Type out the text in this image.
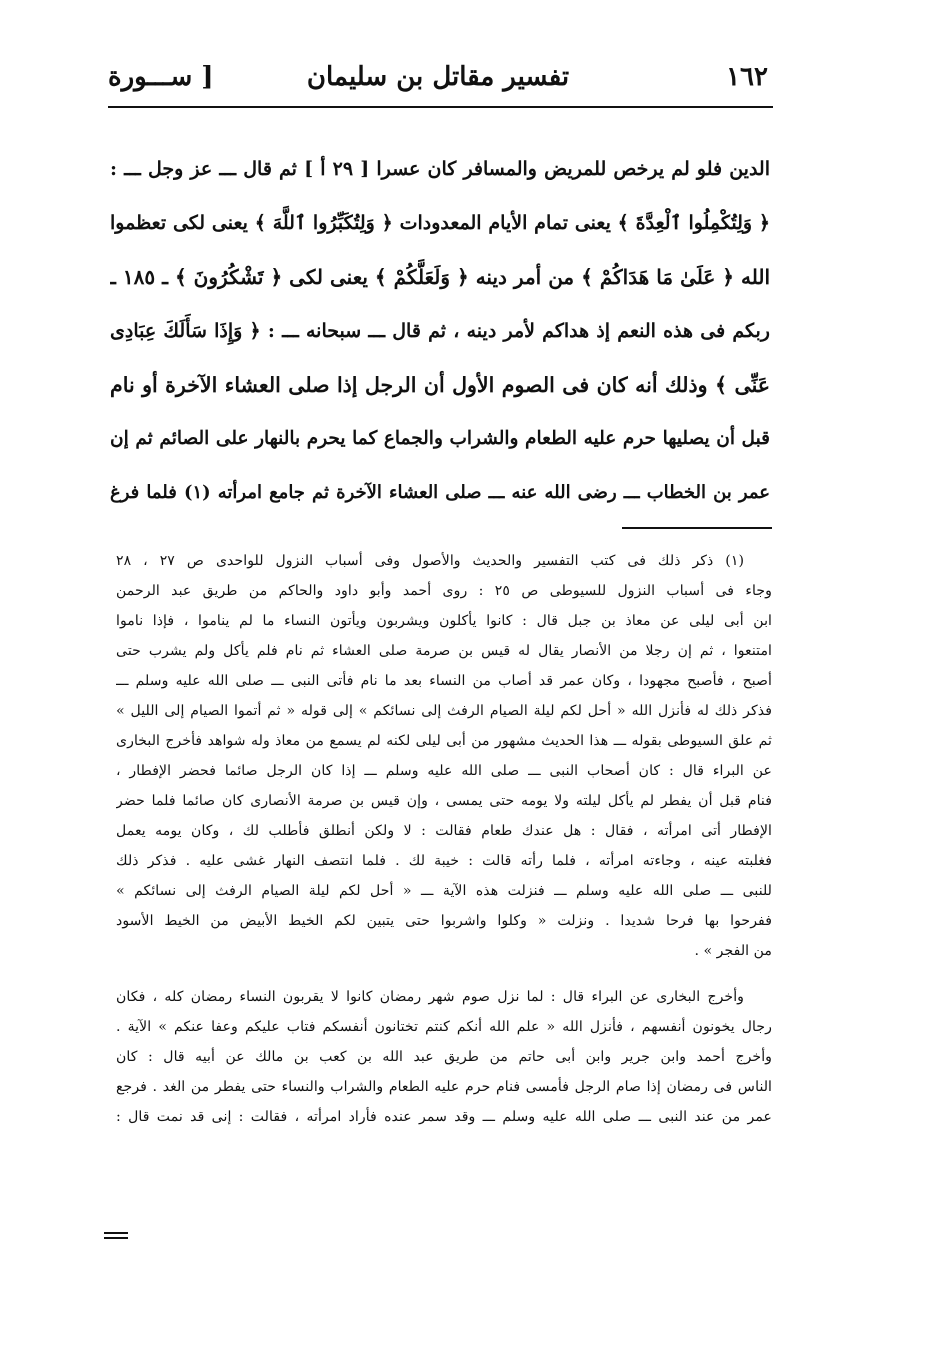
١٦٢
تفسير مقاتل بن سليمان
[ ســـورة
الدين فلو لم يرخص للمريض والمسافر كان عسرا [ ٢٩ أ ] ثم قال ـــ عز وجل ـــ :
﴿ وَلِتُكْمِلُوا ٱلْعِدَّةَ ﴾ يعنى تمام الأيام المعدودات ﴿ وَلِتُكَبِّرُوا ٱللَّهَ ﴾ يعنى لكى تعظموا
الله ﴿ عَلَىٰ مَا هَدَاكُمْ ﴾ من أمر دينه ﴿ وَلَعَلَّكُمْ ﴾ يعنى لكى ﴿ تَشْكُرُونَ ﴾ ـ ١٨٥ ـ
ربكم فى هذه النعم إذ هداكم لأمر دينه ، ثم قال ـــ سبحانه ـــ : ﴿ وَإِذَا سَأَلَكَ عِبَادِى
عَنِّى ﴾ وذلك أنه كان فى الصوم الأول أن الرجل إذا صلى العشاء الآخرة أو نام
قبل أن يصليها حرم عليه الطعام والشراب والجماع كما يحرم بالنهار على الصائم ثم إن
عمر بن الخطاب ـــ رضى الله عنه ـــ صلى العشاء الآخرة ثم جامع امرأته (١) فلما فرغ
(١) ذكر ذلك فى كتب التفسير والحديث والأصول وفى أسباب النزول للواحدى ص ٢٧ ، ٢٨
وجاء فى أسباب النزول للسيوطى ص ٢٥ : روى أحمد وأبو داود والحاكم من طريق عبد الرحمن
ابن أبى ليلى عن معاذ بن جبل قال : كانوا يأكلون ويشربون ويأتون النساء ما لم يناموا ، فإذا ناموا
امتنعوا ، ثم إن رجلا من الأنصار يقال له قيس بن صرمة صلى العشاء ثم نام فلم يأكل ولم يشرب حتى
أصبح ، فأصبح مجهودا ، وكان عمر قد أصاب من النساء بعد ما نام فأتى النبى ـــ صلى الله عليه وسلم ـــ
فذكر ذلك له فأنزل الله « أحل لكم ليلة الصيام الرفث إلى نسائكم » إلى قوله « ثم أتموا الصيام إلى الليل »
ثم علق السيوطى بقوله ـــ هذا الحديث مشهور من أبى ليلى لكنه لم يسمع من معاذ وله شواهد فأخرج البخارى
عن البراء قال : كان أصحاب النبى ـــ صلى الله عليه وسلم ـــ إذا كان الرجل صائما فحضر الإفطار ،
فنام قبل أن يفطر لم يأكل ليلته ولا يومه حتى يمسى ، وإن قيس بن صرمة الأنصارى كان صائما فلما حضر
الإفطار أتى امرأته ، فقال : هل عندك طعام فقالت : لا ولكن أنطلق فأطلب لك ، وكان يومه يعمل
فغلبته عينه ، وجاءته امرأته ، فلما رأته قالت : خيبة لك . فلما انتصف النهار غشى عليه . فذكر ذلك
للنبى ـــ صلى الله عليه وسلم ـــ فنزلت هذه الآية ـــ « أحل لكم ليلة الصيام الرفث إلى نسائكم »
ففرحوا بها فرحا شديدا . ونزلت « وكلوا واشربوا حتى يتبين لكم الخيط الأبيض من الخيط الأسود
من الفجر » .
وأخرج البخارى عن البراء قال : لما نزل صوم شهر رمضان كانوا لا يقربون النساء رمضان كله ، فكان
رجال يخونون أنفسهم ، فأنزل الله « علم الله أنكم كنتم تختانون أنفسكم فتاب عليكم وعفا عنكم » الآية .
وأخرج أحمد وابن جرير وابن أبى حاتم من طريق عبد الله بن كعب بن مالك عن أبيه قال : كان
الناس فى رمضان إذا صام الرجل فأمسى فنام حرم عليه الطعام والشراب والنساء حتى يفطر من الغد . فرجع
عمر من عند النبى ـــ صلى الله عليه وسلم ـــ وقد سمر عنده فأراد امرأته ، فقالت : إنى قد نمت قال :
